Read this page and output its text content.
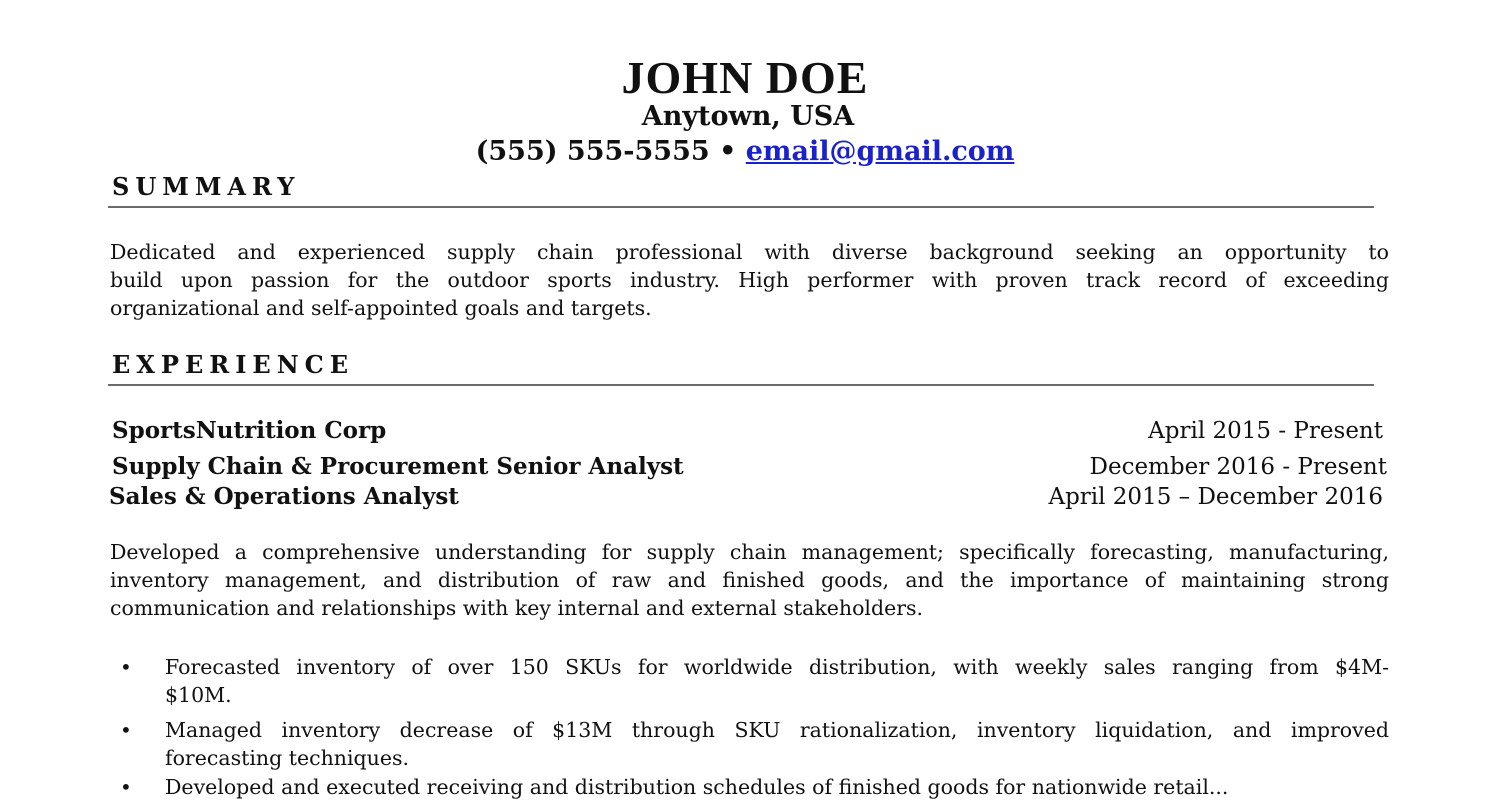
JOHN DOE
Anytown, USA
(555) 555-5555 • email@gmail.com
SUMMARY
Dedicated and experienced supply chain professional with diverse background seeking an opportunity to
build upon passion for the outdoor sports industry. High performer with proven track record of exceeding
organizational and self-appointed goals and targets.
EXPERIENCE
SportsNutrition Corp	April 2015 - Present
Supply Chain & Procurement Senior Analyst	December 2016 - Present
Sales & Operations Analyst	April 2015 – December 2016
Developed a comprehensive understanding for supply chain management; specifically forecasting, manufacturing,
inventory management, and distribution of raw and finished goods, and the importance of maintaining strong
communication and relationships with key internal and external stakeholders.
• Forecasted inventory of over 150 SKUs for worldwide distribution, with weekly sales ranging from $4M-
$10M.
• Managed inventory decrease of $13M through SKU rationalization, inventory liquidation, and improved
forecasting techniques.
• Developed and executed receiving and distribution schedules of finished goods for nationwide retail...
